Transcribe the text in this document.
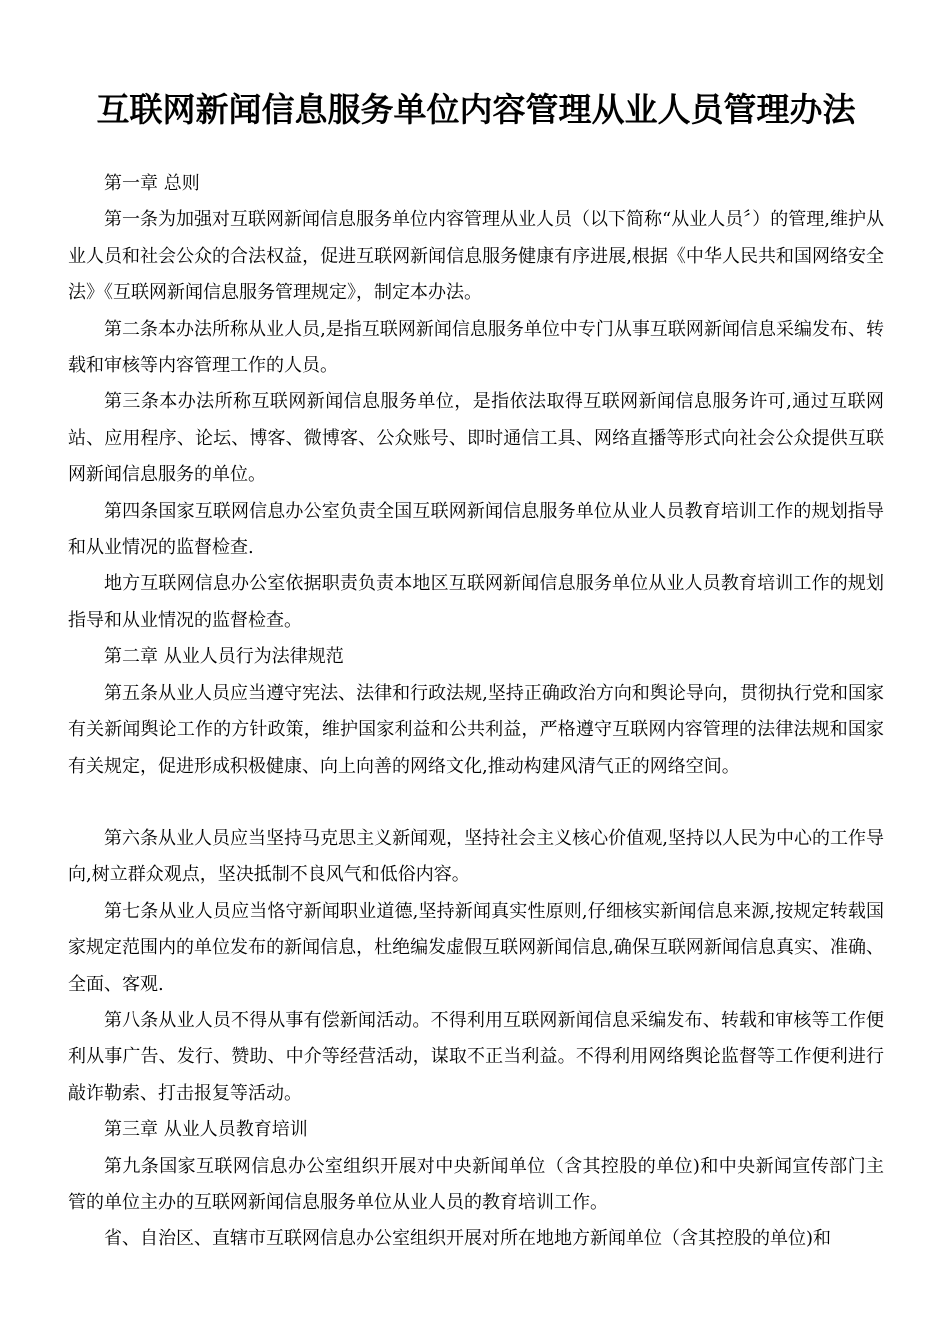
互联网新闻信息服务单位内容管理从业人员管理办法

第一章 总则

第一条为加强对互联网新闻信息服务单位内容管理从业人员（以下简称“从业人员〞）的管理,维护从业人员和社会公众的合法权益，促进互联网新闻信息服务健康有序进展,根据《中华人民共和国网络安全法》《互联网新闻信息服务管理规定》，制定本办法。

第二条本办法所称从业人员,是指互联网新闻信息服务单位中专门从事互联网新闻信息采编发布、转载和审核等内容管理工作的人员。

第三条本办法所称互联网新闻信息服务单位，是指依法取得互联网新闻信息服务许可,通过互联网站、应用程序、论坛、博客、微博客、公众账号、即时通信工具、网络直播等形式向社会公众提供互联网新闻信息服务的单位。

第四条国家互联网信息办公室负责全国互联网新闻信息服务单位从业人员教育培训工作的规划指导和从业情况的监督检查.

地方互联网信息办公室依据职责负责本地区互联网新闻信息服务单位从业人员教育培训工作的规划指导和从业情况的监督检查。

第二章 从业人员行为法律规范

第五条从业人员应当遵守宪法、法律和行政法规,坚持正确政治方向和舆论导向，贯彻执行党和国家有关新闻舆论工作的方针政策，维护国家利益和公共利益，严格遵守互联网内容管理的法律法规和国家有关规定，促进形成积极健康、向上向善的网络文化,推动构建风清气正的网络空间。

第六条从业人员应当坚持马克思主义新闻观，坚持社会主义核心价值观,坚持以人民为中心的工作导向,树立群众观点，坚决抵制不良风气和低俗内容。

第七条从业人员应当恪守新闻职业道德,坚持新闻真实性原则,仔细核实新闻信息来源,按规定转载国家规定范围内的单位发布的新闻信息，杜绝编发虚假互联网新闻信息,确保互联网新闻信息真实、准确、全面、客观.

第八条从业人员不得从事有偿新闻活动。不得利用互联网新闻信息采编发布、转载和审核等工作便利从事广告、发行、赞助、中介等经营活动，谋取不正当利益。不得利用网络舆论监督等工作便利进行敲诈勒索、打击报复等活动。

第三章 从业人员教育培训

第九条国家互联网信息办公室组织开展对中央新闻单位（含其控股的单位)和中央新闻宣传部门主管的单位主办的互联网新闻信息服务单位从业人员的教育培训工作。

省、自治区、直辖市互联网信息办公室组织开展对所在地地方新闻单位（含其控股的单位)和
